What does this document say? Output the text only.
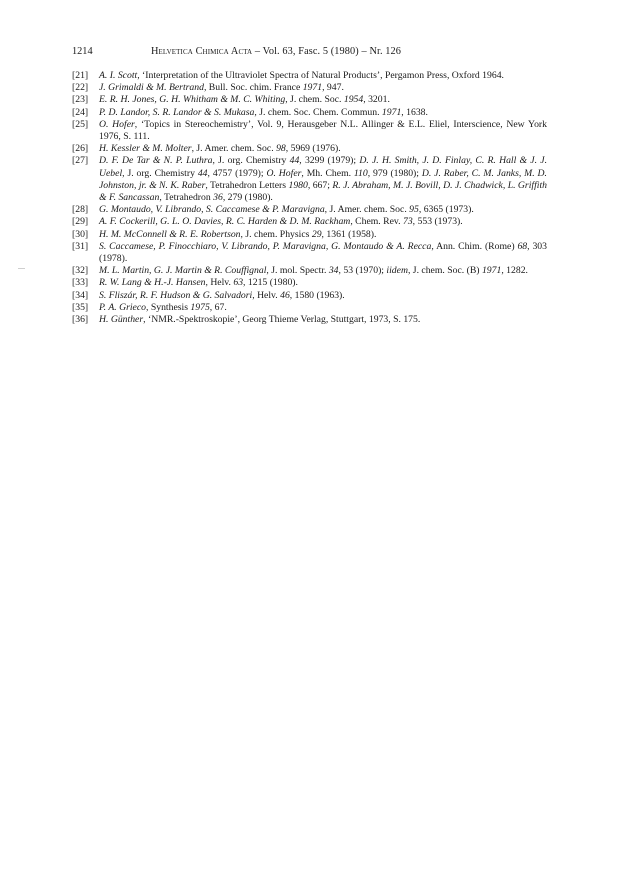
1214	Helvetica Chimica Acta – Vol. 63, Fasc. 5 (1980) – Nr. 126
[21] A. I. Scott, ‘Interpretation of the Ultraviolet Spectra of Natural Products’, Pergamon Press, Oxford 1964.
[22] J. Grimaldi & M. Bertrand, Bull. Soc. chim. France 1971, 947.
[23] E. R. H. Jones, G. H. Whitham & M. C. Whiting, J. chem. Soc. 1954, 3201.
[24] P. D. Landor, S. R. Landor & S. Mukasa, J. chem. Soc. Chem. Commun. 1971, 1638.
[25] O. Hofer, ‘Topics in Stereochemistry’, Vol. 9, Herausgeber N.L. Allinger & E.L. Eliel, Interscience, New York 1976, S. 111.
[26] H. Kessler & M. Molter, J. Amer. chem. Soc. 98, 5969 (1976).
[27] D. F. De Tar & N. P. Luthra, J. org. Chemistry 44, 3299 (1979); D. J. H. Smith, J. D. Finlay, C. R. Hall & J. J. Uebel, J. org. Chemistry 44, 4757 (1979); O. Hofer, Mh. Chem. 110, 979 (1980); D. J. Raber, C. M. Janks, M. D. Johnston, jr. & N. K. Raber, Tetrahedron Letters 1980, 667; R. J. Abraham, M. J. Bovill, D. J. Chadwick, L. Griffith & F. Sancassan, Tetrahedron 36, 279 (1980).
[28] G. Montaudo, V. Librando, S. Caccamese & P. Maravigna, J. Amer. chem. Soc. 95, 6365 (1973).
[29] A. F. Cockerill, G. L. O. Davies, R. C. Harden & D. M. Rackham, Chem. Rev. 73, 553 (1973).
[30] H. M. McConnell & R. E. Robertson, J. chem. Physics 29, 1361 (1958).
[31] S. Caccamese, P. Finocchiaro, V. Librando, P. Maravigna, G. Montaudo & A. Recca, Ann. Chim. (Rome) 68, 303 (1978).
[32] M. L. Martin, G. J. Martin & R. Couffignal, J. mol. Spectr. 34, 53 (1970); iidem, J. chem. Soc. (B) 1971, 1282.
[33] R. W. Lang & H.-J. Hansen, Helv. 63, 1215 (1980).
[34] S. Fliszár, R. F. Hudson & G. Salvadori, Helv. 46, 1580 (1963).
[35] P. A. Grieco, Synthesis 1975, 67.
[36] H. Günther, ‘NMR.-Spektroskopie’, Georg Thieme Verlag, Stuttgart, 1973, S. 175.
